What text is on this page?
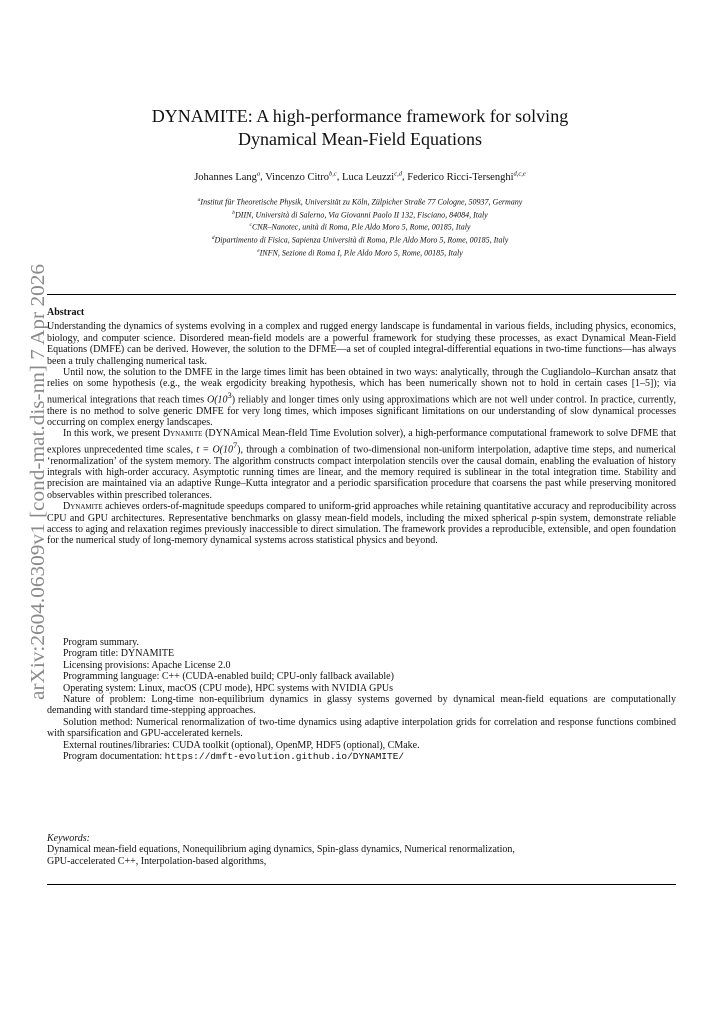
arXiv:2604.06309v1 [cond-mat.dis-nn] 7 Apr 2026
DYNAMITE: A high-performance framework for solving
Dynamical Mean-Field Equations
Johannes Lang$^a$, Vincenzo Citro$^{b,c}$, Luca Leuzzi$^{c,d}$, Federico Ricci-Tersenghi$^{d,c,e}$
$^a$Institut für Theoretische Physik, Universität zu Köln, Zülpicher Straße 77 Cologne, 50937, Germany
$^b$DIIN, Università di Salerno, Via Giovanni Paolo II 132, Fisciano, 84084, Italy
$^c$CNR–Nanotec, unità di Roma, P.le Aldo Moro 5, Rome, 00185, Italy
$^d$Dipartimento di Fisica, Sapienza Università di Roma, P.le Aldo Moro 5, Rome, 00185, Italy
$^e$INFN, Sezione di Roma I, P.le Aldo Moro 5, Rome, 00185, Italy
Abstract

Understanding the dynamics of systems evolving in a complex and rugged energy landscape is fundamental in various fields, including physics, economics, biology, and computer science. Disordered mean-field models are a powerful framework for studying these processes, as exact Dynamical Mean-Field Equations (DMFE) can be derived. However, the solution to the DFME—a set of coupled integral-differential equations in two-time functions—has always been a truly challenging numerical task.

Until now, the solution to the DMFE in the large times limit has been obtained in two ways: analytically, through the Cugliandolo–Kurchan ansatz that relies on some hypothesis (e.g., the weak ergodicity breaking hypothesis, which has been numerically shown not to hold in certain cases [1–5]); via numerical integrations that reach times $O(10^3)$ reliably and longer times only using approximations which are not well under control. In practice, currently, there is no method to solve generic DMFE for very long times, which imposes significant limitations on our understanding of slow dynamical processes occurring on complex energy landscapes.

In this work, we present Dynamite (DYNAmical Mean-fIeld Time Evolution solver), a high-performance computational framework to solve DFME that explores unprecedented time scales, $t = O(10^7)$, through a combination of two-dimensional non-uniform interpolation, adaptive time steps, and numerical ‘renormalization’ of the system memory. The algorithm constructs compact interpolation stencils over the causal domain, enabling the evaluation of history integrals with high-order accuracy. Asymptotic running times are linear, and the memory required is sublinear in the total integration time. Stability and precision are maintained via an adaptive Runge–Kutta integrator and a periodic sparsification procedure that coarsens the past while preserving monitored observables within prescribed tolerances.

Dynamite achieves orders-of-magnitude speedups compared to uniform-grid approaches while retaining quantitative accuracy and reproducibility across CPU and GPU architectures. Representative benchmarks on glassy mean-field models, including the mixed spherical p-spin system, demonstrate reliable access to aging and relaxation regimes previously inaccessible to direct simulation. The framework provides a reproducible, extensible, and open foundation for the numerical study of long-memory dynamical systems across statistical physics and beyond.

Program summary.

Program title: DYNAMITE

Licensing provisions: Apache License 2.0

Programming language: C++ (CUDA-enabled build; CPU-only fallback available)

Operating system: Linux, macOS (CPU mode), HPC systems with NVIDIA GPUs

Nature of problem: Long-time non-equilibrium dynamics in glassy systems governed by dynamical mean-field equations are computationally demanding with standard time-stepping approaches.

Solution method: Numerical renormalization of two-time dynamics using adaptive interpolation grids for correlation and response functions combined with sparsification and GPU-accelerated kernels.

External routines/libraries: CUDA toolkit (optional), OpenMP, HDF5 (optional), CMake.

Program documentation: https://dmft-evolution.github.io/DYNAMITE/

Keywords:
Dynamical mean-field equations, Nonequilibrium aging dynamics, Spin-glass dynamics, Numerical renormalization,
GPU-accelerated C++, Interpolation-based algorithms,
